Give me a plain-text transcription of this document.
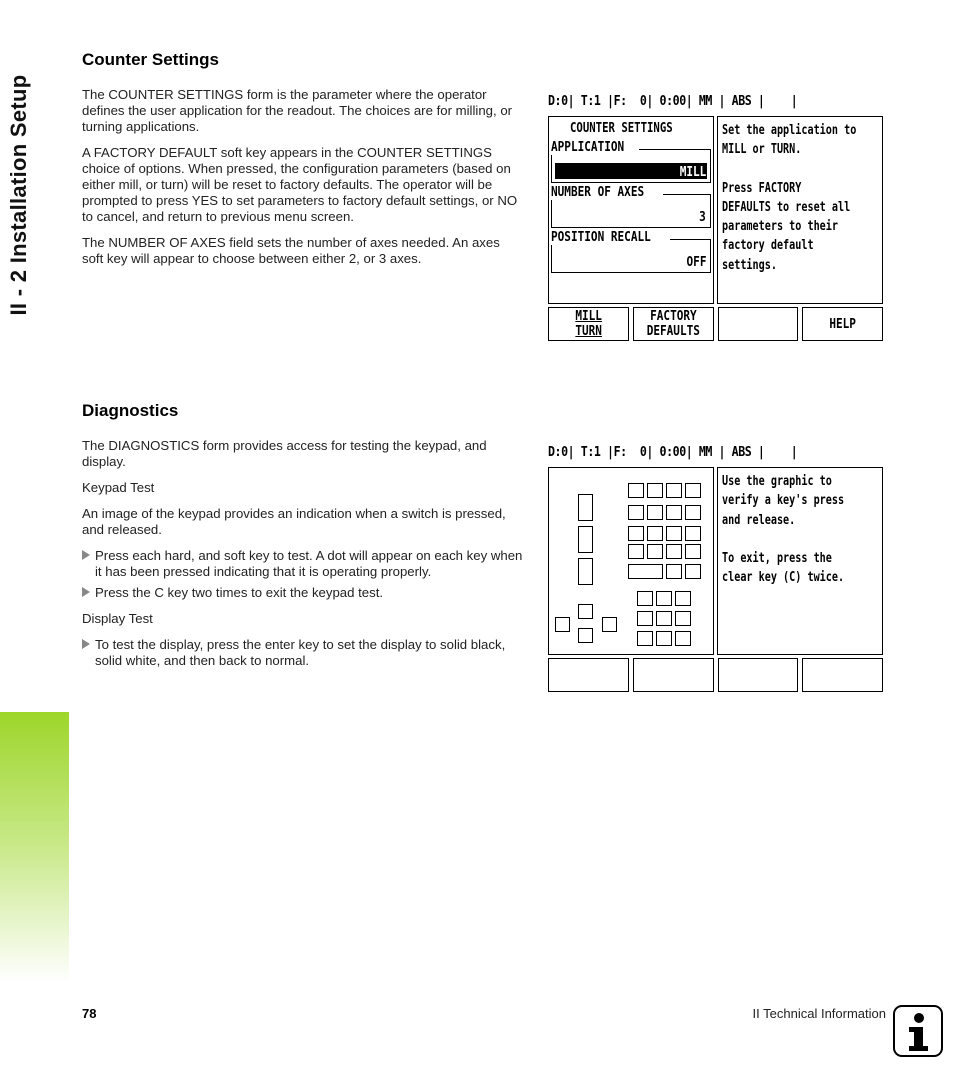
II - 2 Installation Setup
Counter Settings

The COUNTER SETTINGS form is the parameter where the operator defines the user application for the readout. The choices are for milling, or turning applications.

A FACTORY DEFAULT soft key appears in the COUNTER SETTINGS choice of options. When pressed, the configuration parameters (based on either mill, or turn) will be reset to factory defaults. The operator will be prompted to press YES to set parameters to factory default settings, or NO to cancel, and return to previous menu screen.

The NUMBER OF AXES field sets the number of axes needed. An axes soft key will appear to choose between either 2, or 3 axes.

D:0| T:1 |F:  0| 0:00| MM | ABS |    |
COUNTER SETTINGS
APPLICATION
MILL
NUMBER OF AXES
3
POSITION RECALL
OFF
Set the application to
MILL or TURN.
Press FACTORY
DEFAULTS to reset all
parameters to their
factory default
settings.
MILL
TURN
FACTORY
DEFAULTS	HELP
Diagnostics

The DIAGNOSTICS form provides access for testing the keypad, and display.

Keypad Test

An image of the keypad provides an indication when a switch is pressed, and released.

Press each hard, and soft key to test. A dot will appear on each key when it has been pressed indicating that it is operating properly.
Press the C key two times to exit the keypad test.

Display Test

To test the display, press the enter key to set the display to solid black, solid white, and then back to normal.
D:0| T:1 |F:  0| 0:00| MM | ABS |    |
Use the graphic to
verify a key's press
and release.
To exit, press the
clear key (C) twice.
78	II Technical Information
